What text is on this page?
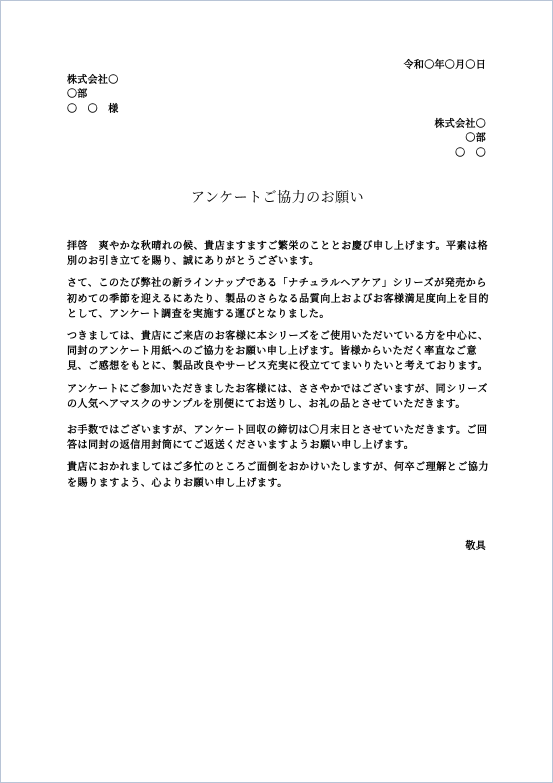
令和〇年〇月〇日
株式会社〇
〇部
〇　〇　様
株式会社〇
〇部
〇　〇
アンケートご協力のお願い

拝啓　爽やかな秋晴れの候、貴店ますますご繁栄のこととお慶び申し上げます。平素は格別のお引き立てを賜り、誠にありがとうございます。

さて、このたび弊社の新ラインナップである「ナチュラルヘアケア」シリーズが発売から初めての季節を迎えるにあたり、製品のさらなる品質向上およびお客様満足度向上を目的として、アンケート調査を実施する運びとなりました。

つきましては、貴店にご来店のお客様に本シリーズをご使用いただいている方を中心に、同封のアンケート用紙へのご協力をお願い申し上げます。皆様からいただく率直なご意見、ご感想をもとに、製品改良やサービス充実に役立ててまいりたいと考えております。

アンケートにご参加いただきましたお客様には、ささやかではございますが、同シリーズの人気ヘアマスクのサンプルを別便にてお送りし、お礼の品とさせていただきます。

お手数ではございますが、アンケート回収の締切は〇月末日とさせていただきます。ご回答は同封の返信用封筒にてご返送くださいますようお願い申し上げます。

貴店におかれましてはご多忙のところご面倒をおかけいたしますが、何卒ご理解とご協力を賜りますよう、心よりお願い申し上げます。

敬具
